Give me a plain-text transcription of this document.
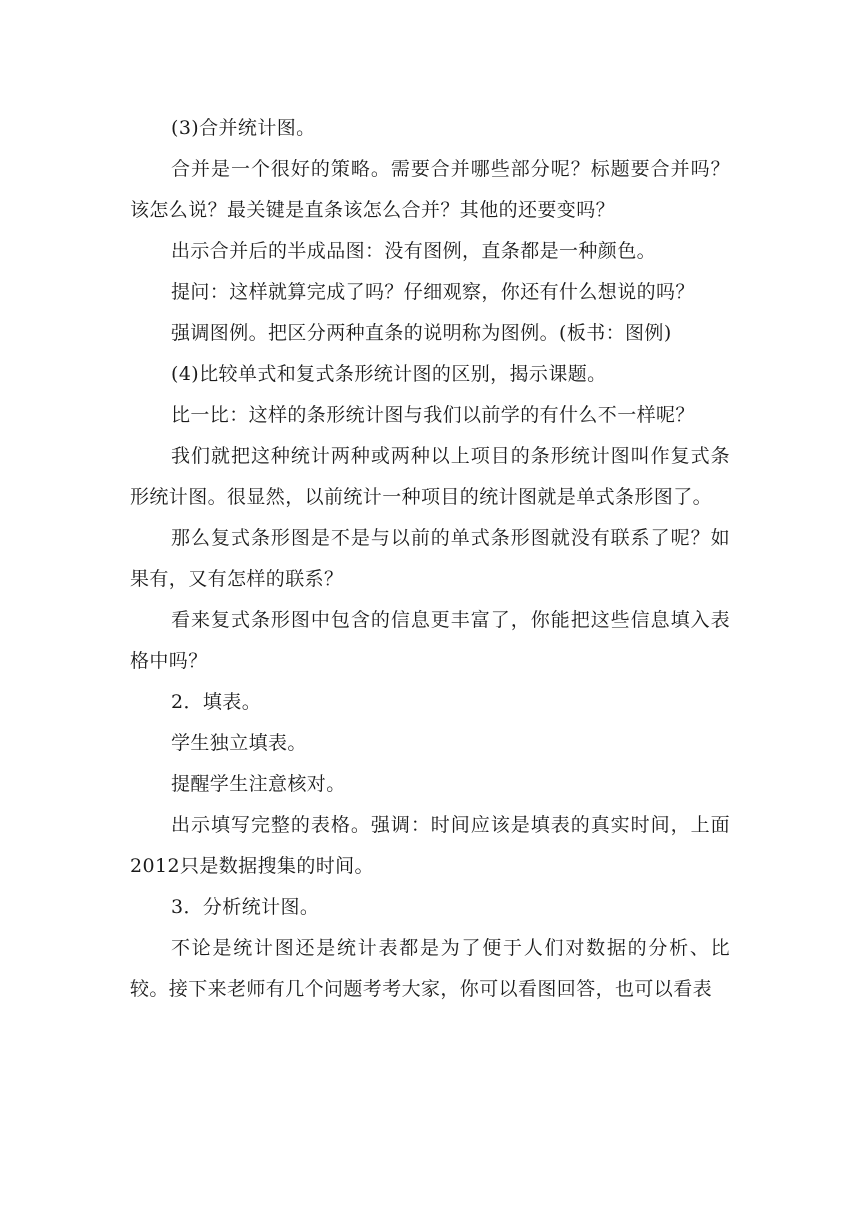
(3)合并统计图。

合并是一个很好的策略。需要合并哪些部分呢？标题要合并吗？该怎么说？最关键是直条该怎么合并？其他的还要变吗？

出示合并后的半成品图：没有图例，直条都是一种颜色。

提问：这样就算完成了吗？仔细观察，你还有什么想说的吗？

强调图例。把区分两种直条的说明称为图例。(板书：图例)

(4)比较单式和复式条形统计图的区别，揭示课题。

比一比：这样的条形统计图与我们以前学的有什么不一样呢？

我们就把这种统计两种或两种以上项目的条形统计图叫作复式条形统计图。很显然，以前统计一种项目的统计图就是单式条形图了。

那么复式条形图是不是与以前的单式条形图就没有联系了呢？如果有，又有怎样的联系？

看来复式条形图中包含的信息更丰富了，你能把这些信息填入表格中吗？

2．填表。

学生独立填表。

提醒学生注意核对。

出示填写完整的表格。强调：时间应该是填表的真实时间，上面2012只是数据搜集的时间。

3．分析统计图。

不论是统计图还是统计表都是为了便于人们对数据的分析、比较。接下来老师有几个问题考考大家，你可以看图回答，也可以看表
